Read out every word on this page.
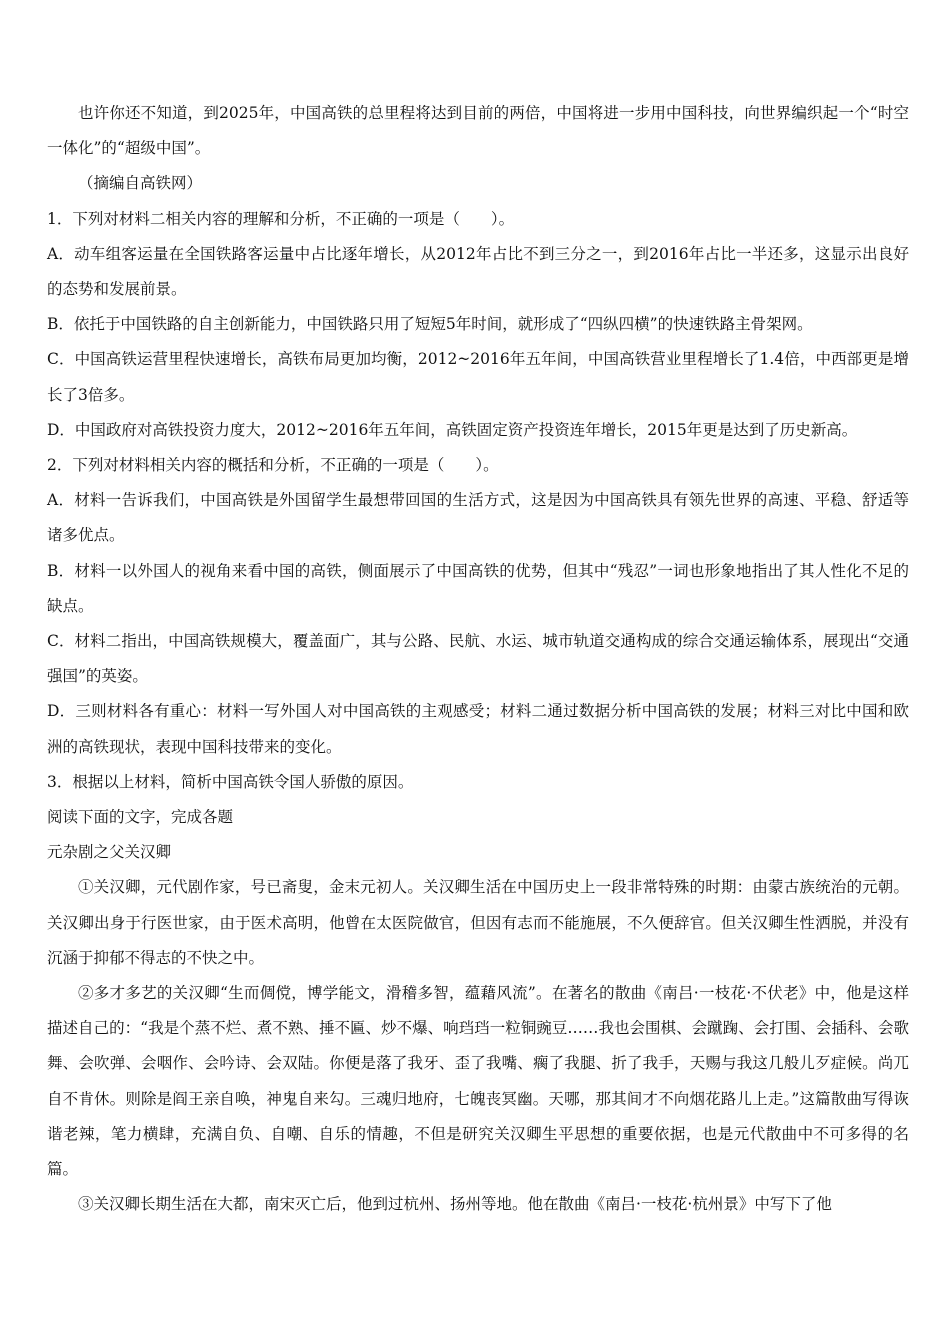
也许你还不知道，到2025年，中国高铁的总里程将达到目前的两倍，中国将进一步用中国科技，向世界编织起一个“时空一体化”的“超级中国”。

（摘编自高铁网）

1．下列对材料二相关内容的理解和分析，不正确的一项是（　　）。

A．动车组客运量在全国铁路客运量中占比逐年增长，从2012年占比不到三分之一，到2016年占比一半还多，这显示出良好的态势和发展前景。

B．依托于中国铁路的自主创新能力，中国铁路只用了短短5年时间，就形成了“四纵四横”的快速铁路主骨架网。

C．中国高铁运营里程快速增长，高铁布局更加均衡，2012~2016年五年间，中国高铁营业里程增长了1.4倍，中西部更是增长了3倍多。

D．中国政府对高铁投资力度大，2012~2016年五年间，高铁固定资产投资连年增长，2015年更是达到了历史新高。

2．下列对材料相关内容的概括和分析，不正确的一项是（　　）。

A．材料一告诉我们，中国高铁是外国留学生最想带回国的生活方式，这是因为中国高铁具有领先世界的高速、平稳、舒适等诸多优点。

B．材料一以外国人的视角来看中国的高铁，侧面展示了中国高铁的优势，但其中“残忍”一词也形象地指出了其人性化不足的缺点。

C．材料二指出，中国高铁规模大，覆盖面广，其与公路、民航、水运、城市轨道交通构成的综合交通运输体系，展现出“交通强国”的英姿。

D．三则材料各有重心：材料一写外国人对中国高铁的主观感受；材料二通过数据分析中国高铁的发展；材料三对比中国和欧洲的高铁现状，表现中国科技带来的变化。

3．根据以上材料，简析中国高铁令国人骄傲的原因。

阅读下面的文字，完成各题

元杂剧之父关汉卿

①关汉卿，元代剧作家，号已斋叟，金末元初人。关汉卿生活在中国历史上一段非常特殊的时期：由蒙古族统治的元朝。关汉卿出身于行医世家，由于医术高明，他曾在太医院做官，但因有志而不能施展，不久便辞官。但关汉卿生性洒脱，并没有沉涵于抑郁不得志的不快之中。

②多才多艺的关汉卿“生而倜傥，博学能文，滑稽多智，蕴藉风流”。在著名的散曲《南吕·一枝花·不伏老》中，他是这样描述自己的：“我是个蒸不烂、煮不熟、捶不匾、炒不爆、响珰珰一粒铜豌豆……我也会围棋、会蹴踘、会打围、会插科、会歌舞、会吹弹、会咽作、会吟诗、会双陆。你便是落了我牙、歪了我嘴、瘸了我腿、折了我手，天赐与我这几般儿歹症候。尚兀自不肯休。则除是阎王亲自唤，神鬼自来勾。三魂归地府，七魄丧冥幽。天哪，那其间才不向烟花路儿上走。”这篇散曲写得诙谐老辣，笔力横肆，充满自负、自嘲、自乐的情趣，不但是研究关汉卿生平思想的重要依据，也是元代散曲中不可多得的名篇。

③关汉卿长期生活在大都，南宋灭亡后，他到过杭州、扬州等地。他在散曲《南吕·一枝花·杭州景》中写下了他
